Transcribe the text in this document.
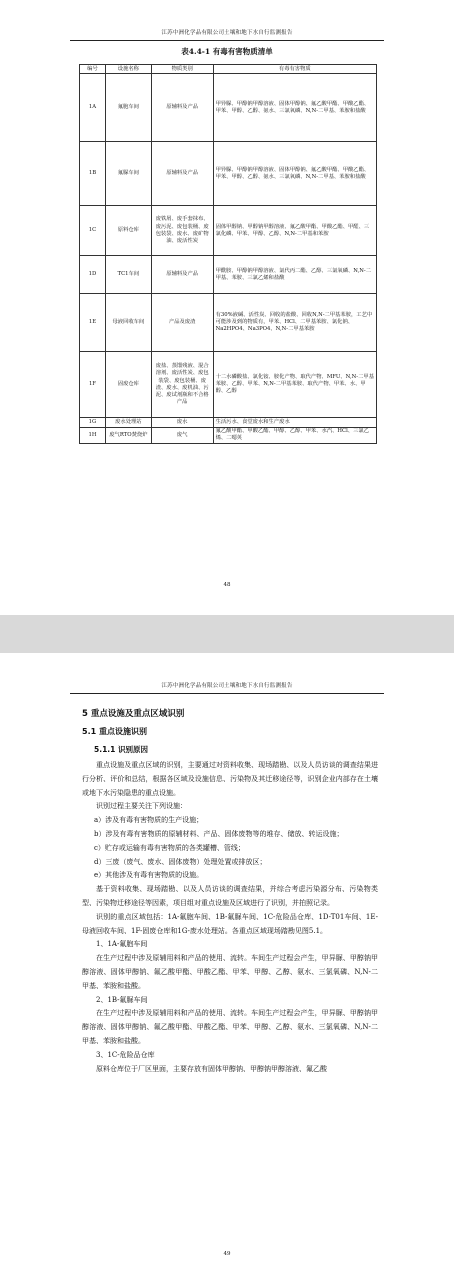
江苏中洲化学品有限公司土壤和地下水自行监测报告
表4.4-1 有毒有害物质清单
编号	设施名称	物质类别	有毒有害物质
1A	氟胞车间	原辅料及产品	甲异脲、甲醇钠甲醇溶液、固体甲醇钠、氟乙酸甲酯、甲酸乙酯、甲苯、甲醇、乙醇、氨水、三氯氧磷、N,N-二甲基、苯胺和盐酸
1B	氟脲车间	原辅料及产品	甲异脲、甲醇钠甲醇溶液、固体甲醇钠、氟乙酸甲酯、甲酸乙酯、甲苯、甲醇、乙醇、氨水、三氯氧磷、N,N-二甲基、苯胺和盐酸
1C	原料仓库	废铁屑、废手套抹布、废污泥、废包装桶、废包装袋、废水、废矿物油、废活性炭	固体甲醇钠、甲醇钠甲醇溶液、氟乙酸甲酯、甲酸乙酯、甲醛、三氯化磷、甲苯、甲醇、乙醇、N,N-二甲基和苯胺
1D	TC1车间	原辅料及产品	甲酰胺、甲醇钠甲醇溶液、氯代丙二酯、乙醇、三氯氧磷、N,N-二甲基、苯胺、三氯乙烯和盐酸
1E	母液回收车间	产品及废渣	有30%液碱、活性炭、回收的盐酸、回收N,N-二甲基苯胺，工艺中可能涉及到的物质有，甲苯、HCl、二甲基苯胺、氯化钠、Na2HPO4、Na3PO4、N,N-二甲基苯胺
1F	固废仓库	废盐、蒸馏残液、混合溶剂、废活性炭、废包装袋、废包装桶、废渣、废水、废机油、污泥、废试剂瓶和不合格产品	十二水磷酸盐、氯化铵、胺化产物、取代产物、MFU、N,N-二甲基苯胺、乙醇、甲苯、N,N-二甲基苯胺、取代产物、甲苯、水、甲醇、乙醇
1G	废水处理站	废水	生活污水、食堂废水和生产废水
1H	废气RTO焚烧炉	废气	氟乙酸甲酯、甲酸乙酯、甲醇、乙醇、甲苯、水汽、HCl、三氯乙烯、二噁英
48
江苏中洲化学品有限公司土壤和地下水自行监测报告

5 重点设施及重点区域识别

5.1 重点设施识别

5.1.1 识别原因

重点设施及重点区域的识别，主要通过对资料收集、现场踏勘、以及人员访谈的调查结果进行分析、评价和总结，根据各区域及设施信息、污染物及其迁移途径等，识别企业内部存在土壤或地下水污染隐患的重点设施。

识别过程主要关注下列设施：

a）涉及有毒有害物质的生产设施；

b）涉及有毒有害物质的原辅材料、产品、固体废物等的堆存、储放、转运设施；

c）贮存或运输有毒有害物质的各类罐槽、管线；

d）三废（废气、废水、固体废物）处理处置或排放区；

e）其他涉及有毒有害物质的设施。

基于资料收集、现场踏勘、以及人员访谈的调查结果，并综合考虑污染源分布、污染物类型、污染物迁移途径等因素，项目组对重点设施及区域进行了识别，并拍照记录。

识别的重点区域包括：1A-氟胞车间、1B-氟脲车间、1C-危险品仓库、1D-T01车间、1E-母液回收车间、1F-固废仓库和1G-废水处理站。各重点区域现场踏勘见图5.1。

1、1A-氟胞车间

在生产过程中涉及原辅用料和产品的使用、流转。车间生产过程会产生，甲异脲、甲醇钠甲醇溶液、固体甲醇钠、氟乙酸甲酯、甲酸乙酯、甲苯、甲醇、乙醇、氨水、三氯氧磷、N,N-二甲基、苯胺和盐酸。

2、1B-氟脲车间

在生产过程中涉及原辅用料和产品的使用、流转。车间生产过程会产生，甲异脲、甲醇钠甲醇溶液、固体甲醇钠、氟乙酸甲酯、甲酸乙酯、甲苯、甲醇、乙醇、氨水、三氯氧磷、N,N-二甲基、苯胺和盐酸。

3、1C-危险品仓库

原料仓库位于厂区里面，主要存放有固体甲醇钠、甲醇钠甲醇溶液、氟乙酸

49
